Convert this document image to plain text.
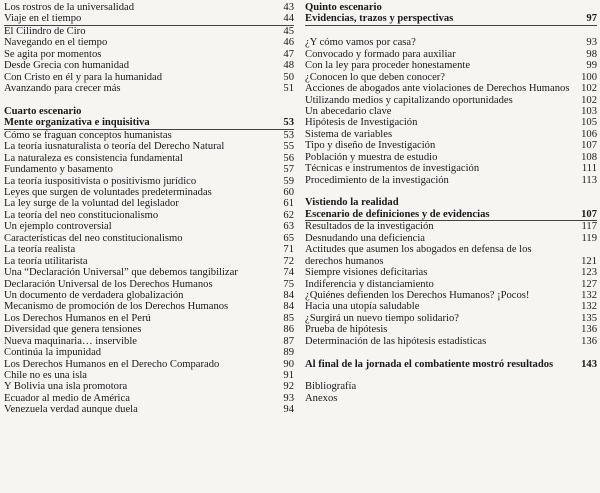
Los rostros de la universalidad	43
Viaje en el tiempo	44
El Cilindro de Ciro	45
Navegando en el tiempo	46
Se agita por momentos	47
Desde Grecia con humanidad	48
Con Cristo en él y para la humanidad	50
Avanzando para crecer más	51
Cuarto escenario
Mente organizativa e inquisitiva	53
Cómo se fraguan conceptos humanistas	53
La teoría iusnaturalista o teoría del Derecho Natural	55
La naturaleza es consistencia fundamental	56
Fundamento y basamento	57
La teoría iuspositivista o positivismo jurídico	59
Leyes que surgen de voluntades predeterminadas	60
La ley surge de la voluntad del legislador	61
La teoría del neo constitucionalismo	62
Un ejemplo controversial	63
Características del neo constitucionalismo	65
La teoría realista	71
La teoría utilitarista	72
Una “Declaración Universal” que debemos tangibilizar	74
Declaración Universal de los Derechos Humanos	75
Un documento de verdadera globalización	84
Mecanismo de promoción de los Derechos Humanos	84
Los Derechos Humanos en el Perú	85
Diversidad que genera tensiones	86
Nueva maquinaria… inservible	87
Continúa la impunidad	89
Los Derechos Humanos en el Derecho Comparado	90
Chile no es una isla	91
Y Bolivia una isla promotora	92
Ecuador al medio de América	93
Venezuela verdad aunque duela	94
Quinto escenario
Evidencias, trazos y perspectivas	97
¿Y cómo vamos por casa?	93
Convocado y formado para auxiliar	98
Con la ley para proceder honestamente	99
¿Conocen lo que deben conocer?	100
Acciones de abogados ante violaciones de Derechos Humanos 102
Utilizando medios y capitalizando oportunidades	102
Un abecedario clave	103
Hipótesis de Investigación	105
Sistema de variables	106
Tipo y diseño de Investigación	107
Población y muestra de estudio	108
Técnicas e instrumentos de investigación	111
Procedimiento de la investigación	113
Vistiendo la realidad
Escenario de definiciones y de evidencias	107
Resultados de la investigación	117
Desnudando una deficiencia	119
Actitudes que asumen los abogados en defensa de los
derechos humanos	121
Siempre visiones deficitarias	123
Indiferencia y distanciamiento	127
¿Quiénes defienden los Derechos Humanos? ¡Pocos!	132
Hacia una utopía saludable	132
¿Surgirá un nuevo tiempo solidario?	135
Prueba de hipótesis	136
Determinación de las hipótesis estadísticas	136
Al final de la jornada el combatiente mostró resultados	143
Bibliografía
Anexos
